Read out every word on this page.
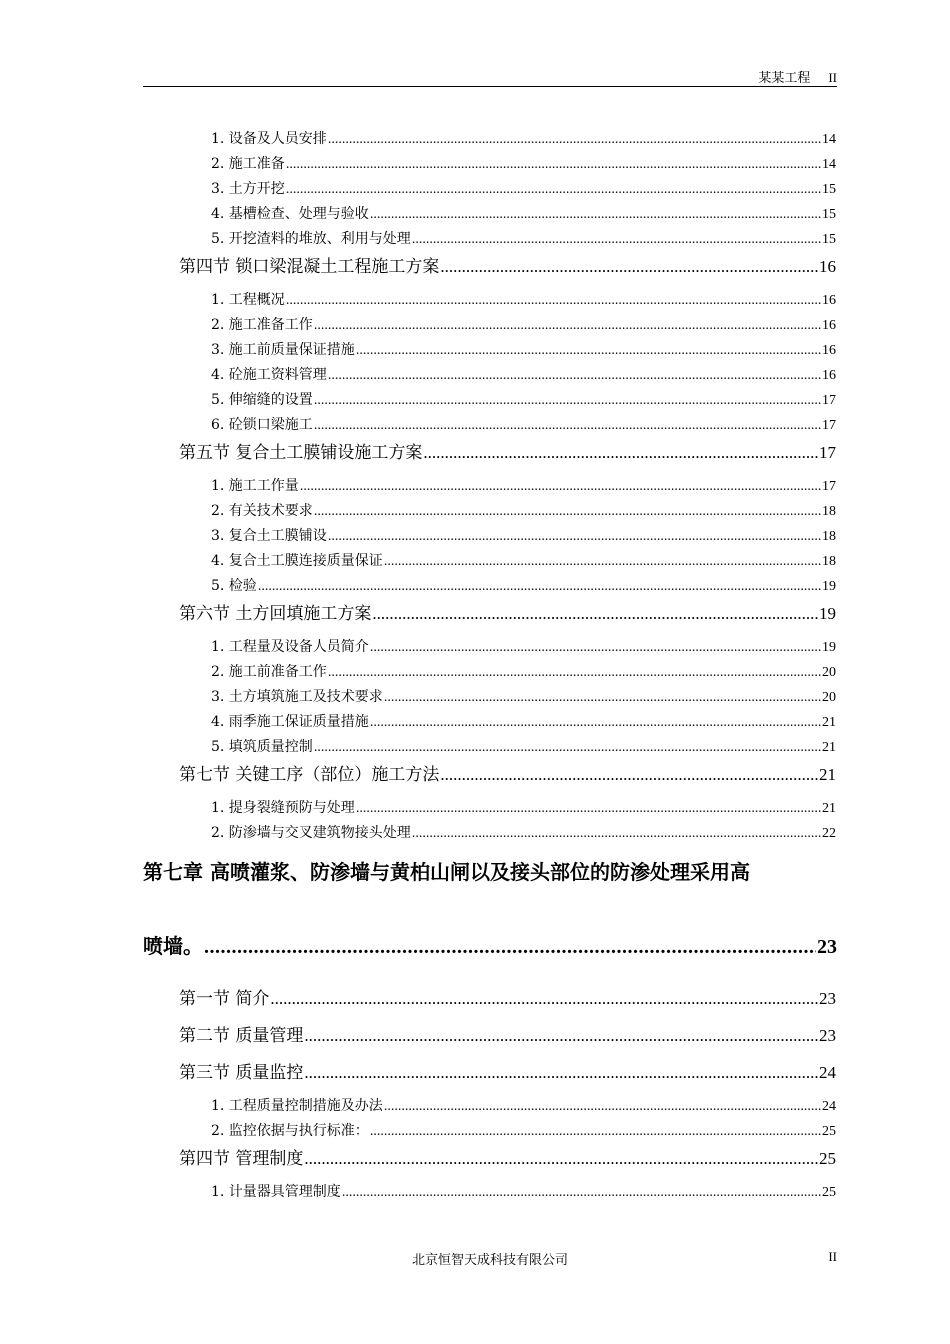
某某工程 II
1. 设备及人员安排 .....	14
2. 施工准备 .....	14
3. 土方开挖 .....	15
4. 基槽检查、处理与验收 .....	15
5. 开挖渣料的堆放、利用与处理 .....	15
第四节 锁口梁混凝土工程施工方案 .....	16
1. 工程概况 .....	16
2. 施工准备工作 .....	16
3. 施工前质量保证措施 .....	16
4. 砼施工资料管理 .....	16
5. 伸缩缝的设置 .....	17
6. 砼锁口梁施工 .....	17
第五节 复合土工膜铺设施工方案 .....	17
1. 施工工作量 .....	17
2. 有关技术要求 .....	18
3. 复合土工膜铺设 .....	18
4. 复合土工膜连接质量保证 .....	18
5. 检验 .....	19
第六节 土方回填施工方案 .....	19
1. 工程量及设备人员简介 .....	19
2. 施工前准备工作 .....	20
3. 土方填筑施工及技术要求 .....	20
4. 雨季施工保证质量措施 .....	21
5. 填筑质量控制 .....	21
第七节 关键工序（部位）施工方法 .....	21
1. 提身裂缝预防与处理 .....	21
2. 防渗墙与交叉建筑物接头处理 .....	22
第七章 高喷灌浆、防渗墙与黄柏山闸以及接头部位的防渗处理采用高
喷墙。 .....	23
第一节 简介 .....	23
第二节 质量管理 .....	23
第三节 质量监控 .....	24
1. 工程质量控制措施及办法 .....	24
2. 监控依据与执行标准： .....	25
第四节 管理制度 .....	25
1. 计量器具管理制度 .....	25
北京恒智天成科技有限公司	II
